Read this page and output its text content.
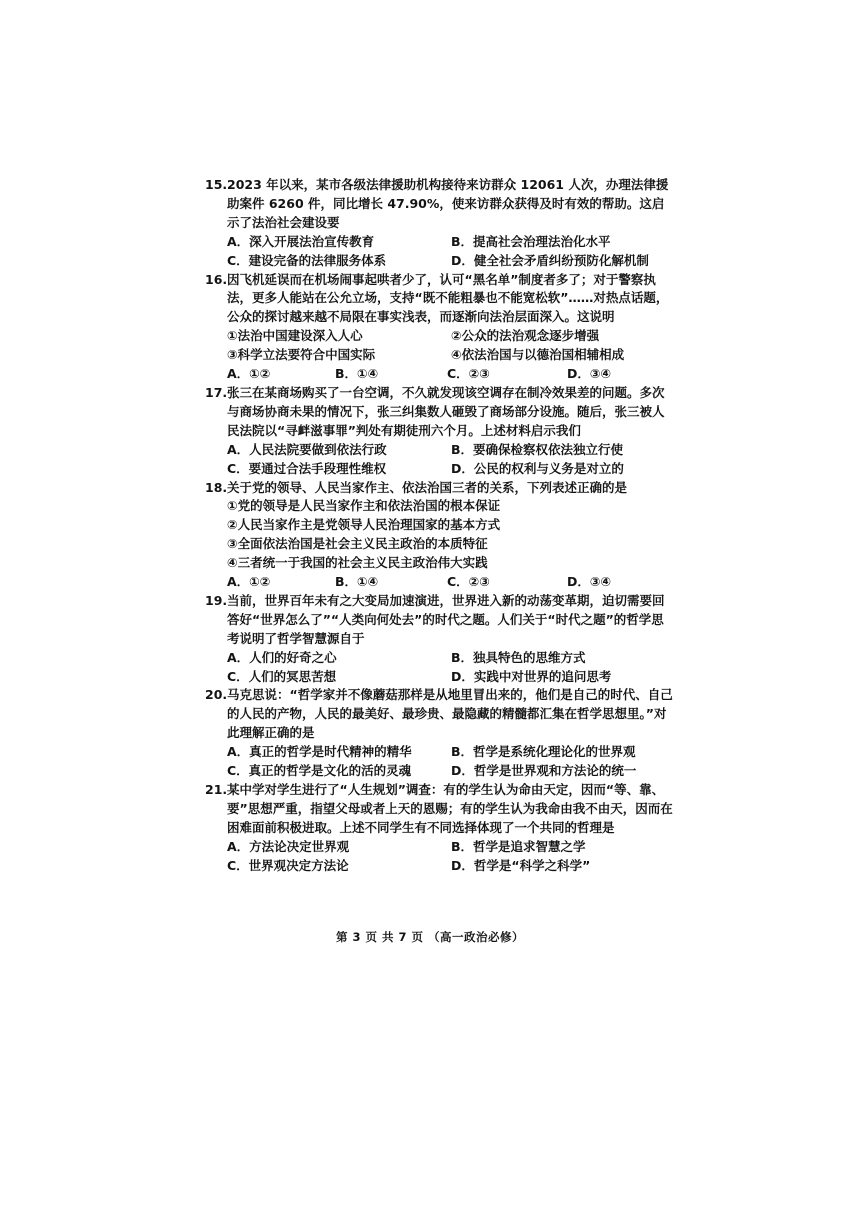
15. 2023 年以来，某市各级法律援助机构接待来访群众 12061 人次，办理法律援助案件 6260 件，同比增长 47.90%，使来访群众获得及时有效的帮助。这启示了法治社会建设要
A．深入开展法治宣传教育	B．提高社会治理法治化水平
C．建设完备的法律服务体系	D．健全社会矛盾纠纷预防化解机制
16. 因飞机延误而在机场闹事起哄者少了，认可“黑名单”制度者多了；对于警察执法，更多人能站在公允立场，支持“既不能粗暴也不能宽松软”……对热点话题，公众的探讨越来越不局限在事实浅表，而逐渐向法治层面深入。这说明
①法治中国建设深入人心	②公众的法治观念逐步增强
③科学立法要符合中国实际	④依法治国与以德治国相辅相成
A．①②	B．①④	C．②③	D．③④
17. 张三在某商场购买了一台空调，不久就发现该空调存在制冷效果差的问题。多次与商场协商未果的情况下，张三纠集数人砸毁了商场部分设施。随后，张三被人民法院以“寻衅滋事罪”判处有期徒刑六个月。上述材料启示我们
A．人民法院要做到依法行政	B．要确保检察权依法独立行使
C．要通过合法手段理性维权	D．公民的权利与义务是对立的
18. 关于党的领导、人民当家作主、依法治国三者的关系，下列表述正确的是
①党的领导是人民当家作主和依法治国的根本保证
②人民当家作主是党领导人民治理国家的基本方式
③全面依法治国是社会主义民主政治的本质特征
④三者统一于我国的社会主义民主政治伟大实践
A．①②	B．①④	C．②③	D．③④
19. 当前，世界百年未有之大变局加速演进，世界进入新的动荡变革期，迫切需要回答好“世界怎么了”“人类向何处去”的时代之题。人们关于“时代之题”的哲学思考说明了哲学智慧源自于
A．人们的好奇之心	B．独具特色的思维方式
C．人们的冥思苦想	D．实践中对世界的追问思考
20. 马克思说：“哲学家并不像蘑菇那样是从地里冒出来的，他们是自己的时代、自己的人民的产物，人民的最美好、最珍贵、最隐藏的精髓都汇集在哲学思想里。”对此理解正确的是
A．真正的哲学是时代精神的精华	B．哲学是系统化理论化的世界观
C．真正的哲学是文化的活的灵魂	D．哲学是世界观和方法论的统一
21. 某中学对学生进行了“人生规划”调查：有的学生认为命由天定，因而“等、靠、要”思想严重，指望父母或者上天的恩赐；有的学生认为我命由我不由天，因而在困难面前积极进取。上述不同学生有不同选择体现了一个共同的哲理是
A．方法论决定世界观	B．哲学是追求智慧之学
C．世界观决定方法论	D．哲学是“科学之科学”
第 3 页 共 7 页 （高一政治必修）
